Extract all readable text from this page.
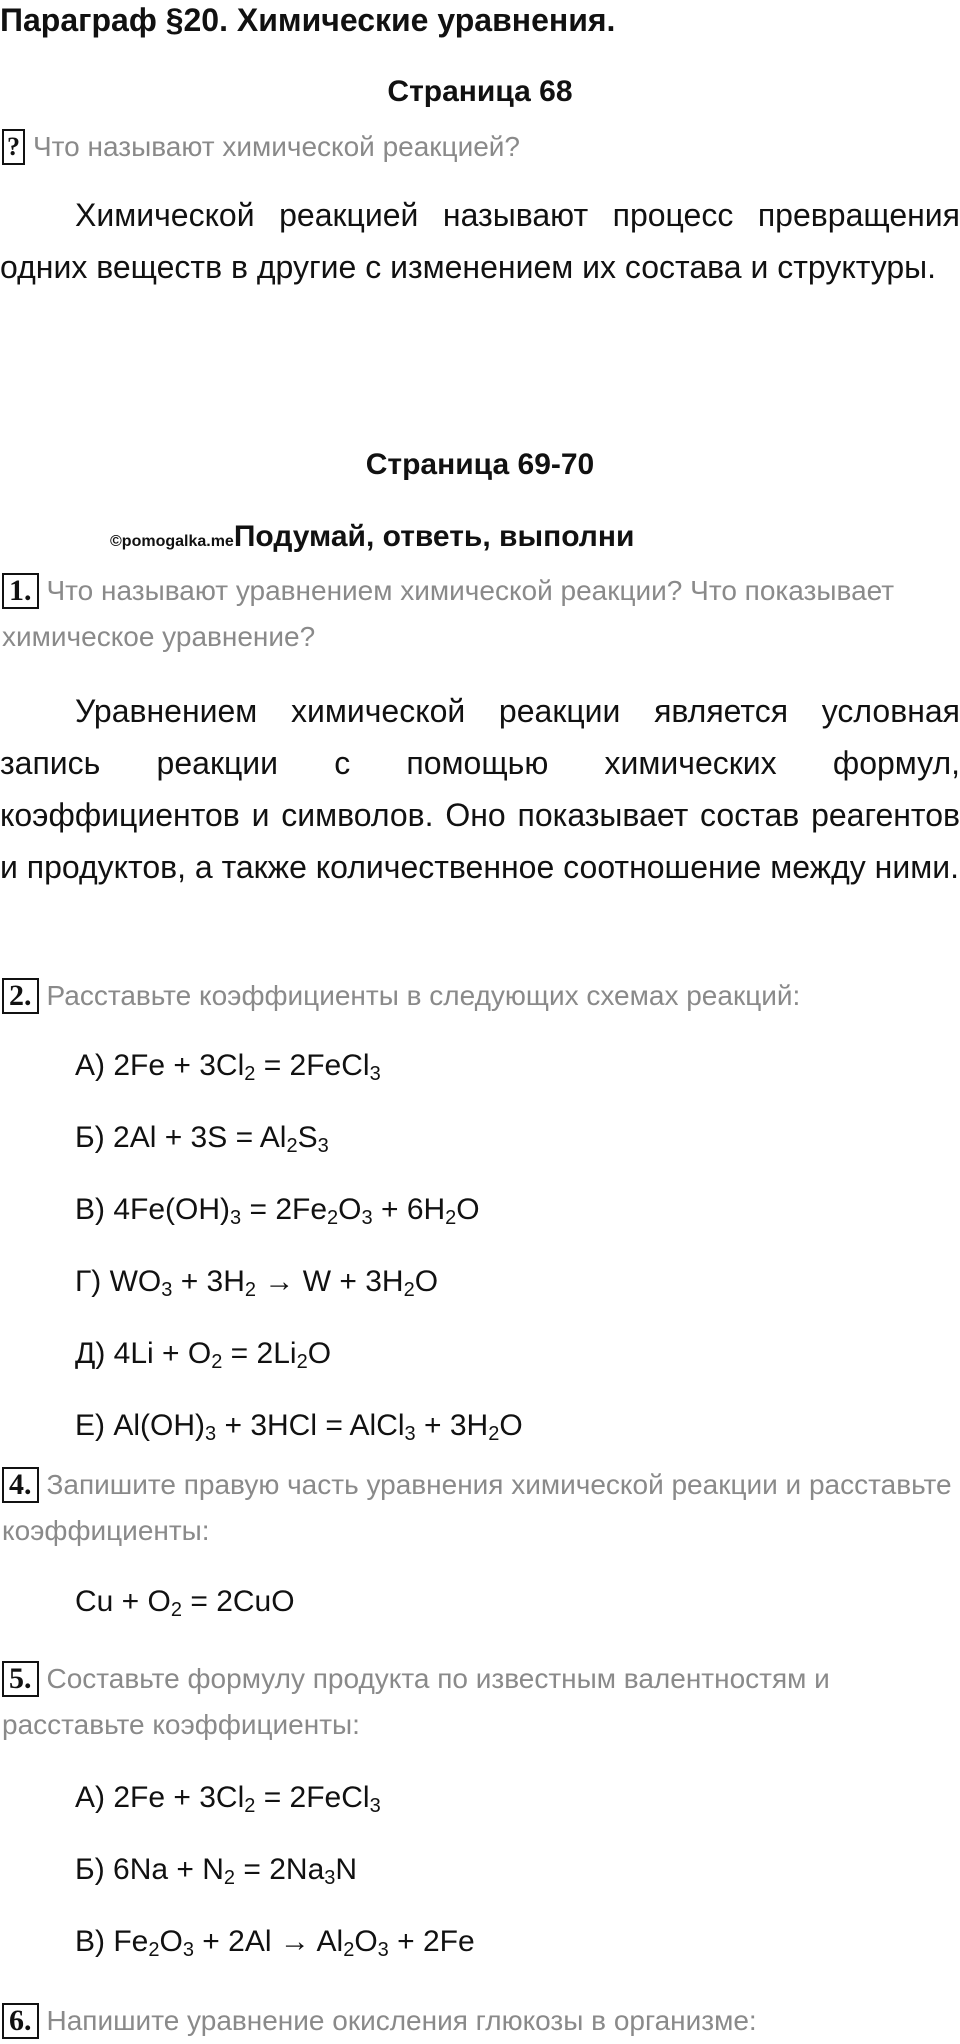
Параграф §20. Химические уравнения.
Страница 68
? Что называют химической реакцией?
Химической реакцией называют процесс превращения одних веществ в другие с изменением их состава и структуры.
Страница 69-70
©pomogalka.meПодумай, ответь, выполни
1. Что называют уравнением химической реакции? Что показывает химическое уравнение?
Уравнением химической реакции является условная запись реакции с помощью химических формул, коэффициентов и символов. Оно показывает состав реагентов и продуктов, а также количественное соотношение между ними.
2. Расставьте коэффициенты в следующих схемах реакций:
А) $2Fe + 3Cl_2$ = 2FeCl$_3$
Б) $2Al + 3S = Al_2S_3$
В) $4Fe(OH)_3 = 2Fe_2O_3 + 6H_2O$
Г) $WO_3 + 3H_2 \to W + 3H_2O$
Д) $4Li + O_2 = 2Li_2O$
Е) $Al(OH)_3 + 3HCl$ = AlCl$_3$ + $3H_2O$
4. Запишите правую часть уравнения химической реакции и расставьте коэффициенты:
$Cu + O_2 = 2CuO$
5. Составьте формулу продукта по известным валентностям и расставьте коэффициенты:
А) $2Fe + 3Cl_2$ = 2FeCl$_3$
Б) $6Na + N_2 = 2Na_3N$
В) $Fe_2O_3 + 2Al \to Al_2O_3 + 2Fe$
6. Напишите уравнение окисления глюкозы в организме:
